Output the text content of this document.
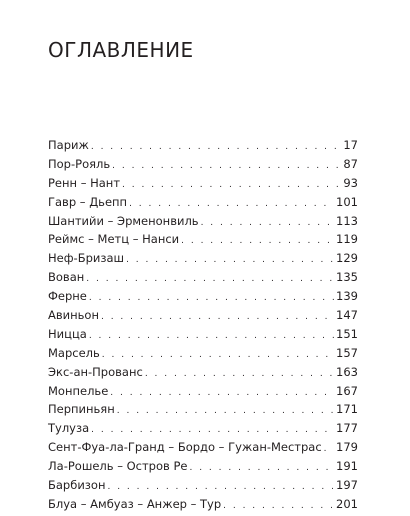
ОГЛАВЛЕНИЕ
Париж . . .	17
Пор-Рояль . . .	87
Ренн – Нант . . .	93
Гавр – Дьепп . . .	101
Шантийи – Эрменонвиль . . .	113
Реймс – Метц – Нанси . . .	119
Неф-Бризаш . . .	129
Вован . . .	135
Ферне . . .	139
Авиньон . . .	147
Ницца . . .	151
Марсель . . .	157
Экс-ан-Прованс . . .	163
Монпелье . . .	167
Перпиньян . . .	171
Тулуза . . .	177
Сент-Фуа-ла-Гранд – Бордо – Гужан-Местрас . . . 179
Ла-Рошель – Остров Ре . . .	191
Барбизон . . .	197
Блуа – Амбуаз – Анжер – Тур . . .	201
